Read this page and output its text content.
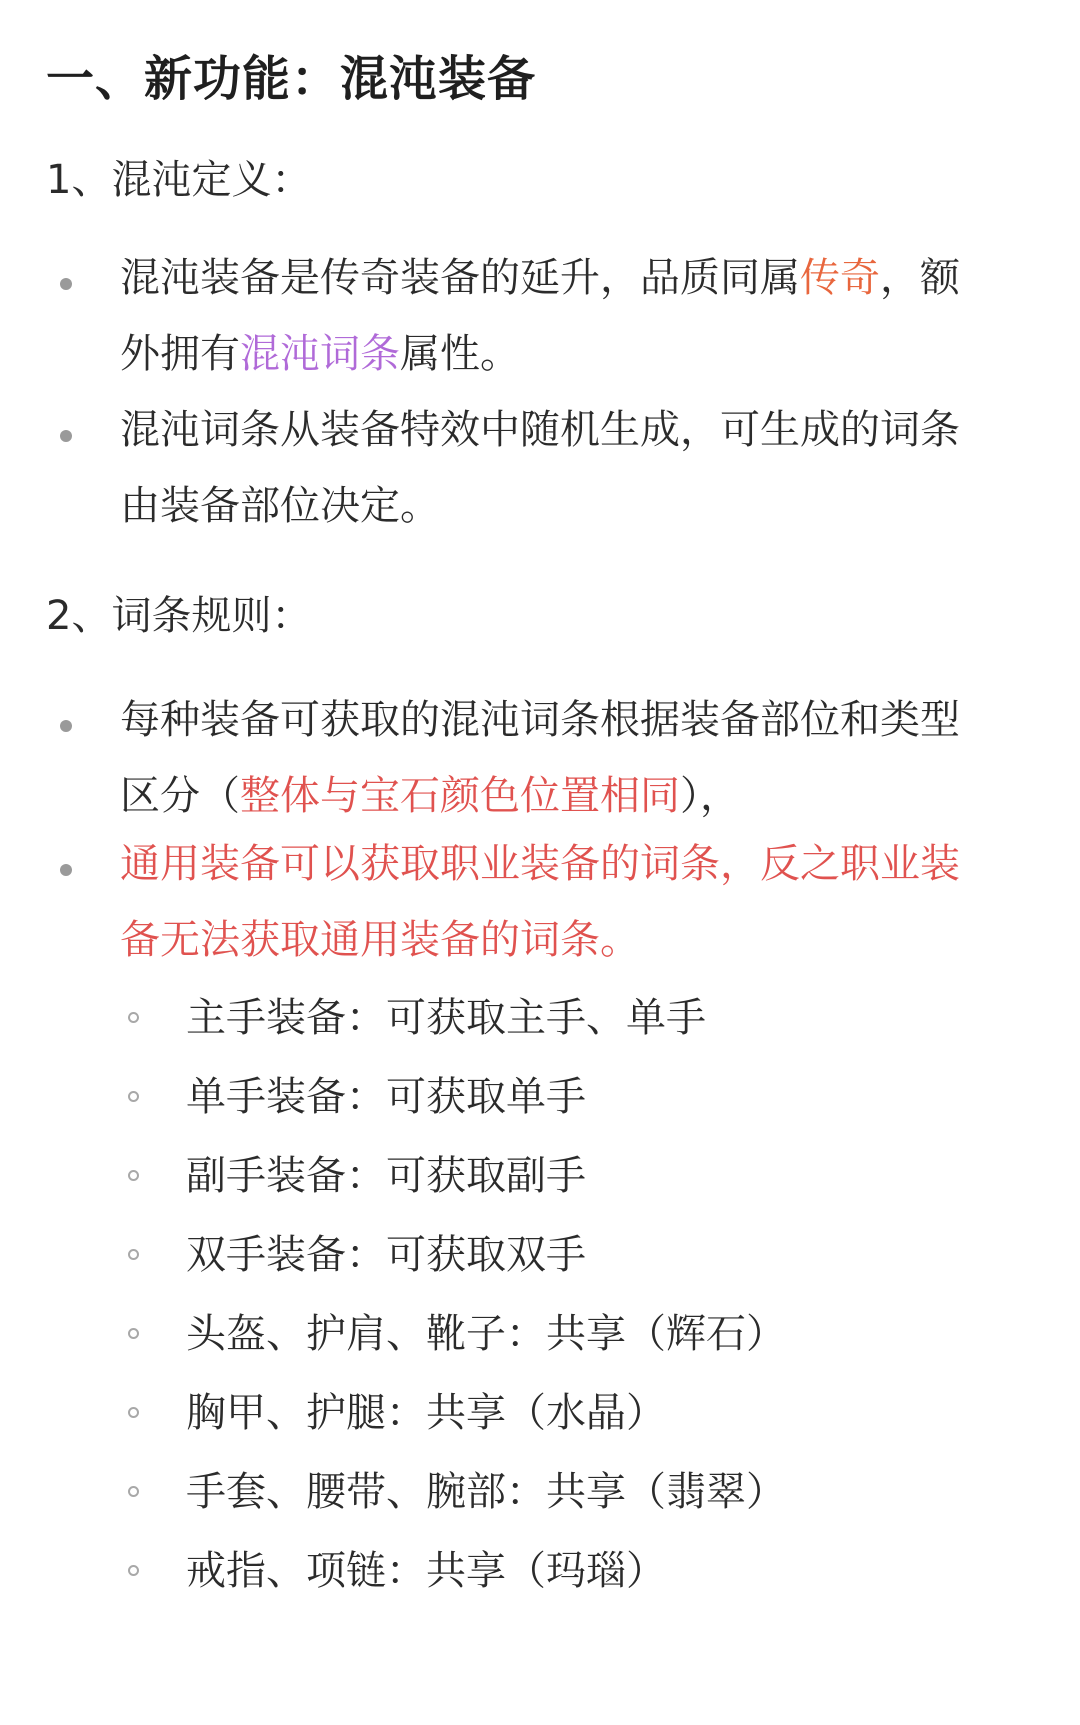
一、新功能：混沌装备
1、混沌定义：
混沌装备是传奇装备的延升，品质同属传奇，额
外拥有混沌词条属性。
混沌词条从装备特效中随机生成，可生成的词条
由装备部位决定。
2、词条规则：
每种装备可获取的混沌词条根据装备部位和类型
区分（整体与宝石颜色位置相同），
通用装备可以获取职业装备的词条，反之职业装
备无法获取通用装备的词条。
主手装备：可获取主手、单手
单手装备：可获取单手
副手装备：可获取副手
双手装备：可获取双手
头盔、护肩、靴子：共享（辉石）
胸甲、护腿：共享（水晶）
手套、腰带、腕部：共享（翡翠）
戒指、项链：共享（玛瑙）
